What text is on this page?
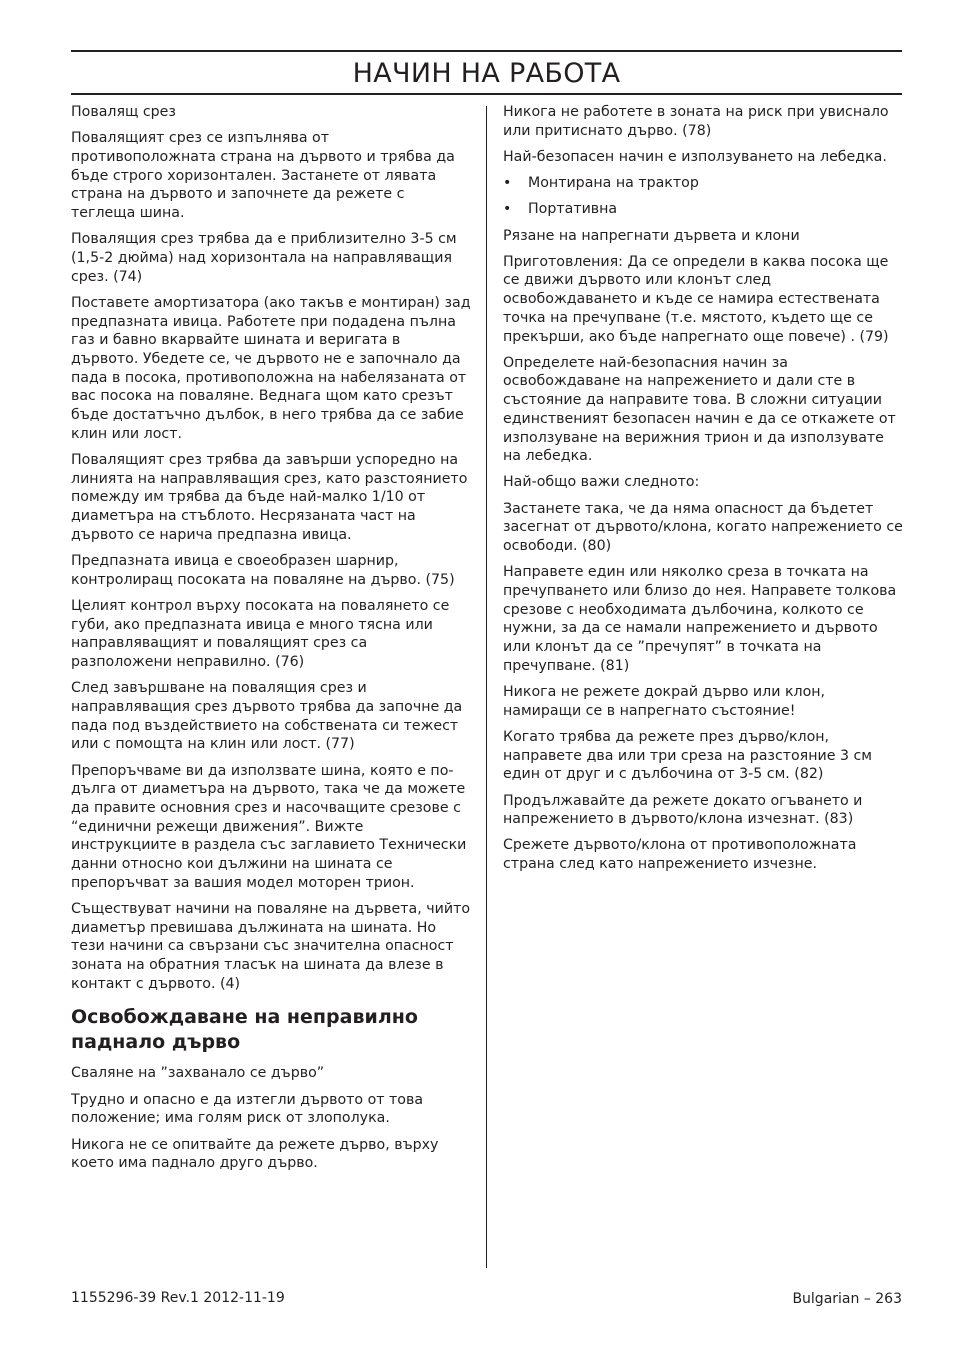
НАЧИН НА РАБОТА

Повалящ срез

Повалящият срез се изпълнява от противоположната страна на дървото и трябва да бъде строго хоризонтален. Застанете от лявата страна на дървото и започнете да режете с теглеща шина.

Повалящия срез трябва да е приблизително 3-5 см (1,5-2 дюйма) над хоризонтала на направляващия срез. (74)

Поставете амортизатора (ако такъв е монтиран) зад предпазната ивица. Работете при подадена пълна газ и бавно вкарвайте шината и веригата в дървото. Убедете се, че дървото не е започнало да пада в посока, противоположна на набелязаната от вас посока на поваляне. Веднага щом като срезът бъде достатъчно дълбок, в него трябва да се забие клин или лост.

Повалящият срез трябва да завърши успоредно на линията на направляващия срез, като разстоянието помежду им трябва да бъде най-малко 1/10 от диаметъра на стъблото. Несрязаната част на дървото се нарича предпазна ивица.

Предпазната ивица е своеобразен шарнир, контролиращ посоката на поваляне на дърво. (75)

Целият контрол върху посоката на повалянето се губи, ако предпазната ивица е много тясна или направляващият и повалящият срез са разположени неправилно. (76)

След завършване на повалящия срез и направляващия срез дървото трябва да започне да пада под въздействието на собствената си тежест или с помощта на клин или лост. (77)

Препоръчваме ви да използвате шина, която е по-дълга от диаметъра на дървото, така че да можете да правите основния срез и насочващите срезове с “единични режещи движения”. Вижте инструкциите в раздела със заглавието Технически данни относно кои дължини на шината се препоръчват за вашия модел моторен трион.

Съществуват начини на поваляне на дървета, чийто диаметър превишава дължината на шината. Но тези начини са свързани със значителна опасност зоната на обратния тласък на шината да влезе в контакт с дървото. (4)

Освобождаване на неправилно паднало дърво

Сваляне на ”захванало се дърво”

Трудно и опасно е да изтегли дървото от това положение; има голям риск от злополука.

Никога не се опитвайте да режете дърво, върху което има паднало друго дърво.

Никога не работете в зоната на риск при увиснало или притиснато дърво. (78)

Най-безопасен начин е използуването на лебедка.

•	Монтирана на трактор
•	Портативна

Рязане на напрегнати дървета и клони

Приготовления: Да се определи в каква посока ще се движи дървото или клонът след освобождаването и къде се намира естествената точка на пречупване (т.е. мястото, където ще се прекърши, ако бъде напрегнато още повече) . (79)

Определете най-безопасния начин за освобождаване на напрежението и дали сте в състояние да направите това. В сложни ситуации единственият безопасен начин е да се откажете от използуване на верижния трион и да използувате на лебедка.

Най-общо важи следното:

Застанете така, че да няма опасност да бъдетет засегнат от дървото/клона, когато напрежението се освободи. (80)

Направете един или няколко среза в точката на пречупването или близо до нея. Направете толкова срезове с необходимата дълбочина, колкото се нужни, за да се намали напрежението и дървото или клонът да се ”пречупят” в точката на пречупване. (81)

Никога не режете докрай дърво или клон, намиращи се в напрегнато състояние!

Когато трябва да режете през дърво/клон, направете два или три среза на разстояние 3 см един от друг и с дълбочина от 3-5 см. (82)

Продължавайте да режете докато огъването и напрежението в дървото/клона изчезнат. (83)

Срежете дървото/клона от противоположната страна след като напрежението изчезне.

1155296-39 Rev.1 2012-11-19	Bulgarian – 263
